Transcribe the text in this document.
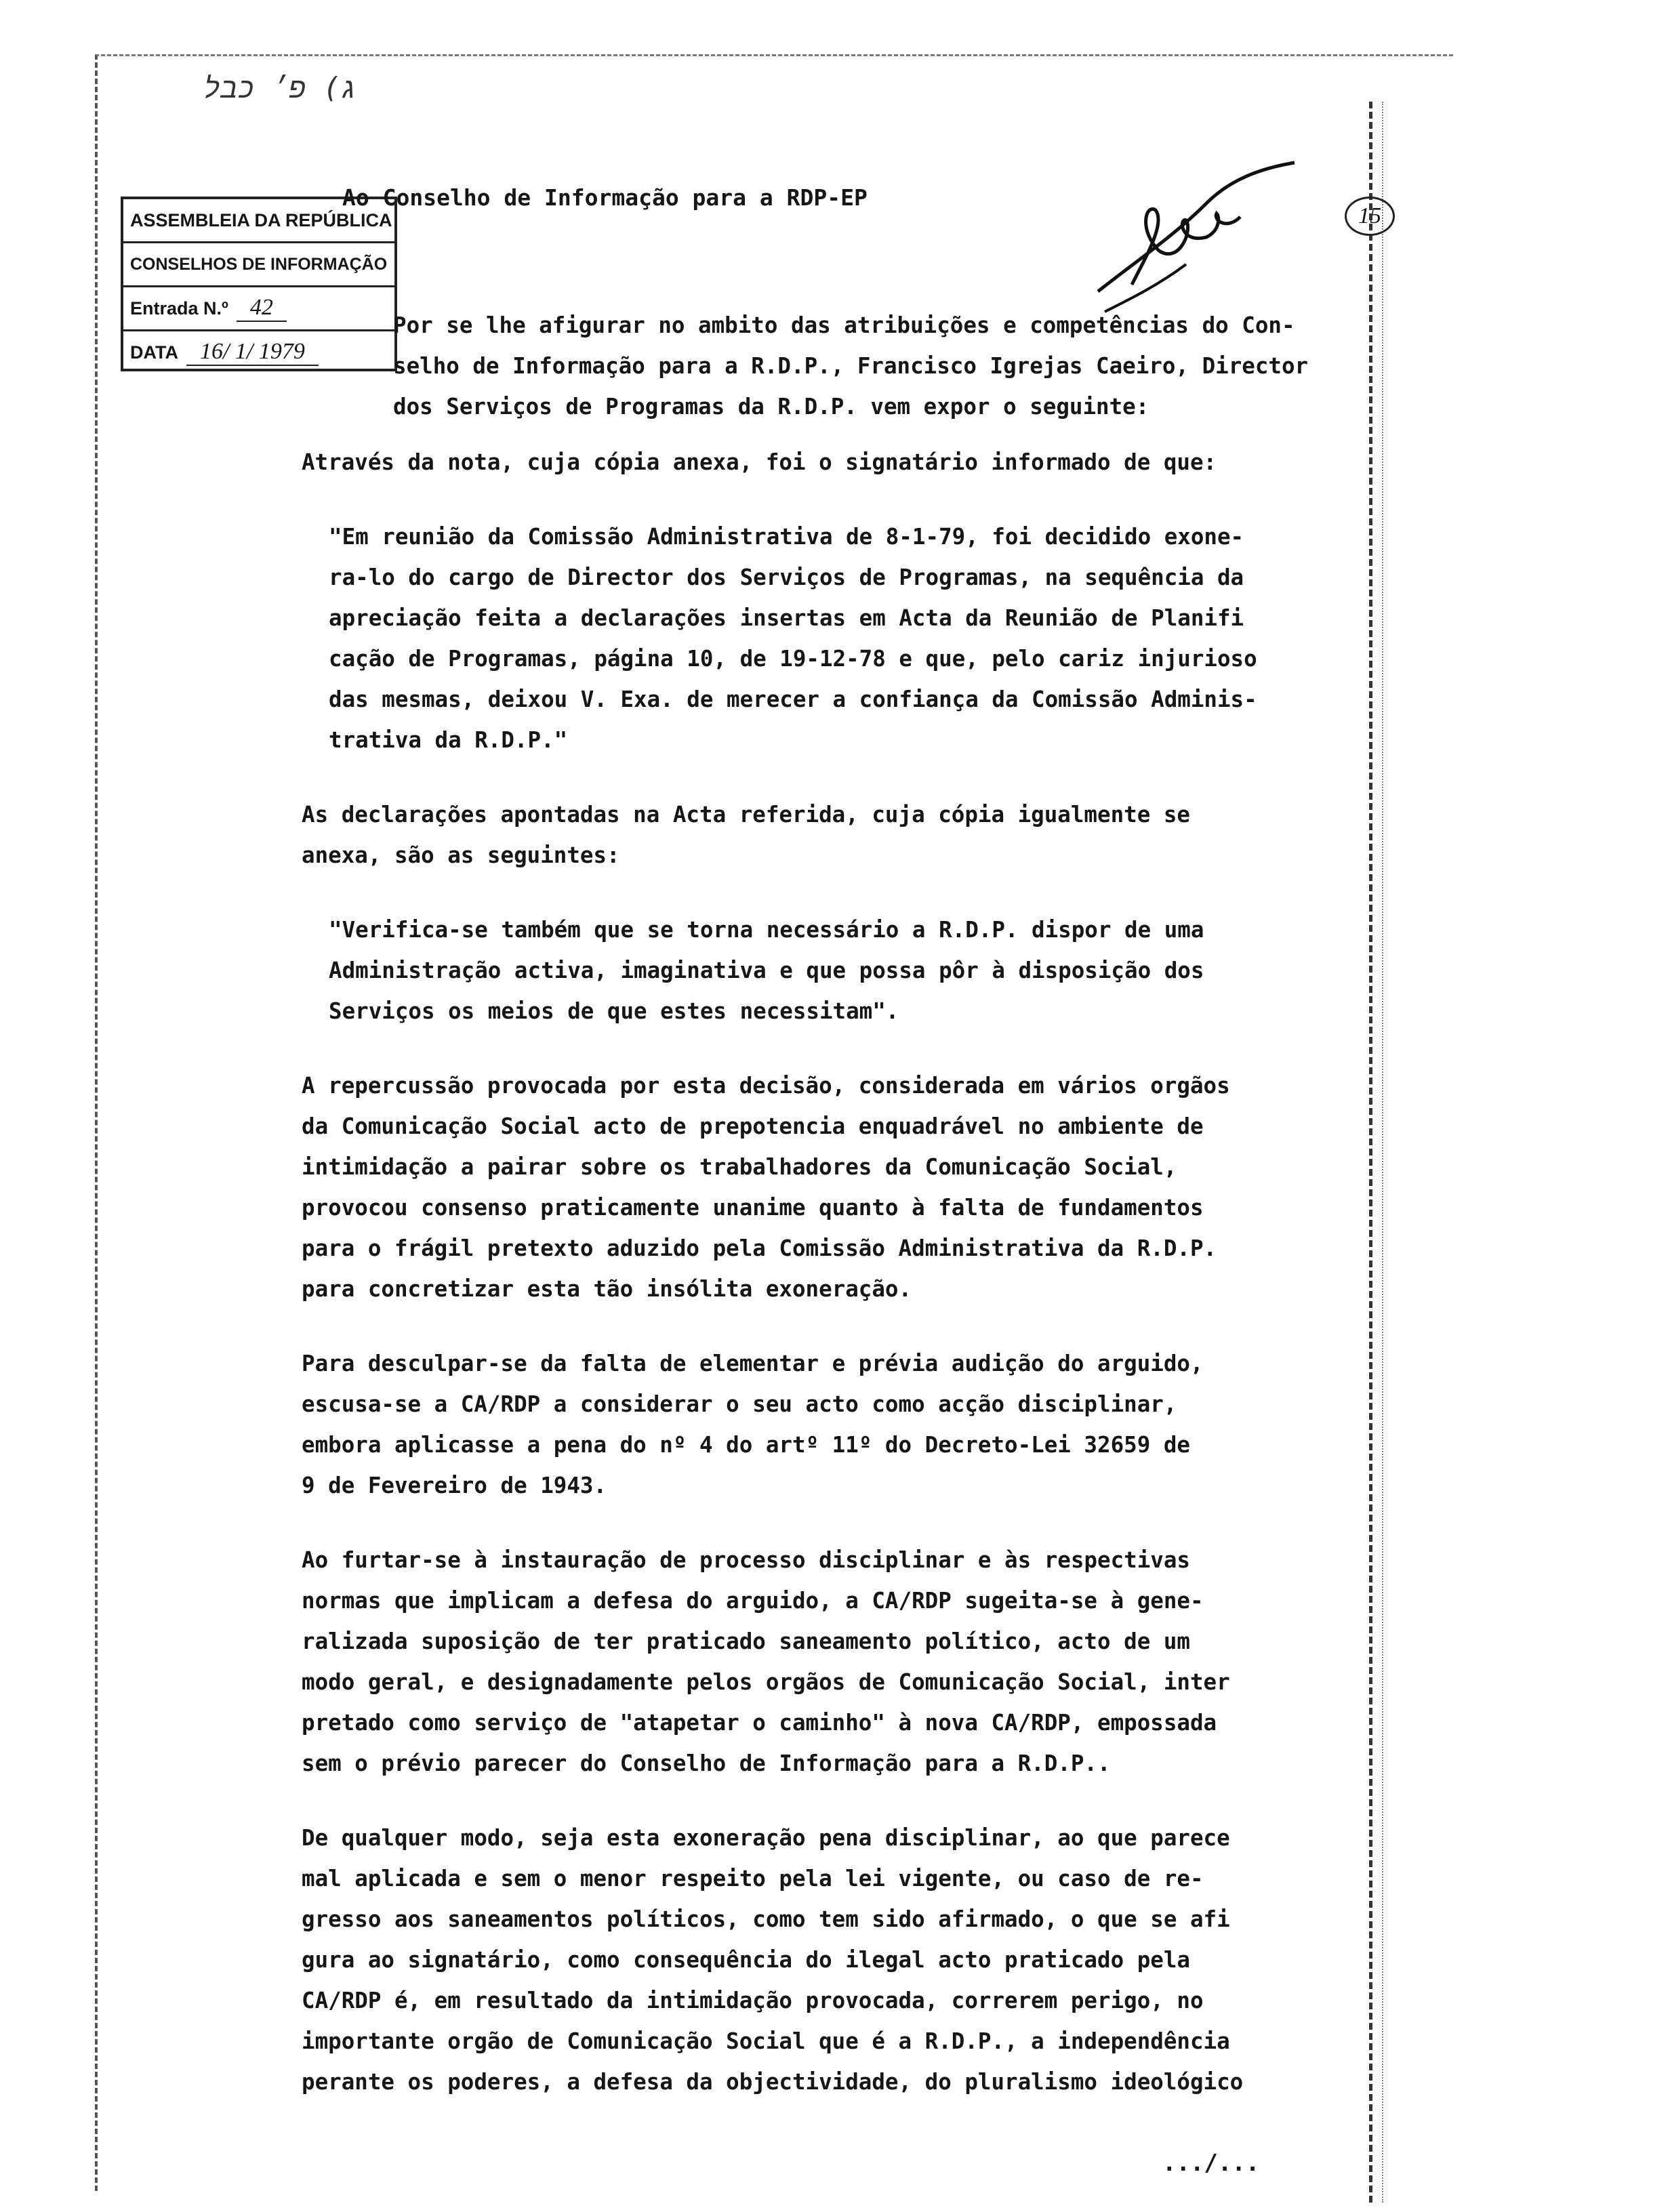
ג) פ׳ כבל
ASSEMBLEIA DA REPÚBLICA
CONSELHOS DE INFORMAÇÃO
Entrada N.º 42
DATA 16/ 1/ 1979
15
Ao Conselho de Informação para a RDP-EP
Por se lhe afigurar no ambito das atribuições e competências do Con-
selho de Informação para a R.D.P., Francisco Igrejas Caeiro, Director
dos Serviços de Programas da R.D.P. vem expor o seguinte:
Através da nota, cuja cópia anexa, foi o signatário informado de que:
"Em reunião da Comissão Administrativa de 8-1-79, foi decidido exone-
ra-lo do cargo de Director dos Serviços de Programas, na sequência da
apreciação feita a declarações insertas em Acta da Reunião de Planifi
cação de Programas, página 10, de 19-12-78 e que, pelo cariz injurioso
das mesmas, deixou V. Exa. de merecer a confiança da Comissão Adminis-
trativa da R.D.P."
As declarações apontadas na Acta referida, cuja cópia igualmente se
anexa, são as seguintes:
"Verifica-se também que se torna necessário a R.D.P. dispor de uma
Administração activa, imaginativa e que possa pôr à disposição dos
Serviços os meios de que estes necessitam".
A repercussão provocada por esta decisão, considerada em vários orgãos
da Comunicação Social acto de prepotencia enquadrável no ambiente de
intimidação a pairar sobre os trabalhadores da Comunicação Social,
provocou consenso praticamente unanime quanto à falta de fundamentos
para o frágil pretexto aduzido pela Comissão Administrativa da R.D.P.
para concretizar esta tão insólita exoneração.
Para desculpar-se da falta de elementar e prévia audição do arguido,
escusa-se a CA/RDP a considerar o seu acto como acção disciplinar,
embora aplicasse a pena do nº 4 do artº 11º do Decreto-Lei 32659 de
9 de Fevereiro de 1943.
Ao furtar-se à instauração de processo disciplinar e às respectivas
normas que implicam a defesa do arguido, a CA/RDP sugeita-se à gene-
ralizada suposição de ter praticado saneamento político, acto de um
modo geral, e designadamente pelos orgãos de Comunicação Social, inter
pretado como serviço de "atapetar o caminho" à nova CA/RDP, empossada
sem o prévio parecer do Conselho de Informação para a R.D.P..
De qualquer modo, seja esta exoneração pena disciplinar, ao que parece
mal aplicada e sem o menor respeito pela lei vigente, ou caso de re-
gresso aos saneamentos políticos, como tem sido afirmado, o que se afi
gura ao signatário, como consequência do ilegal acto praticado pela
CA/RDP é, em resultado da intimidação provocada, correrem perigo, no
importante orgão de Comunicação Social que é a R.D.P., a independência
perante os poderes, a defesa da objectividade, do pluralismo ideológico
.../...
